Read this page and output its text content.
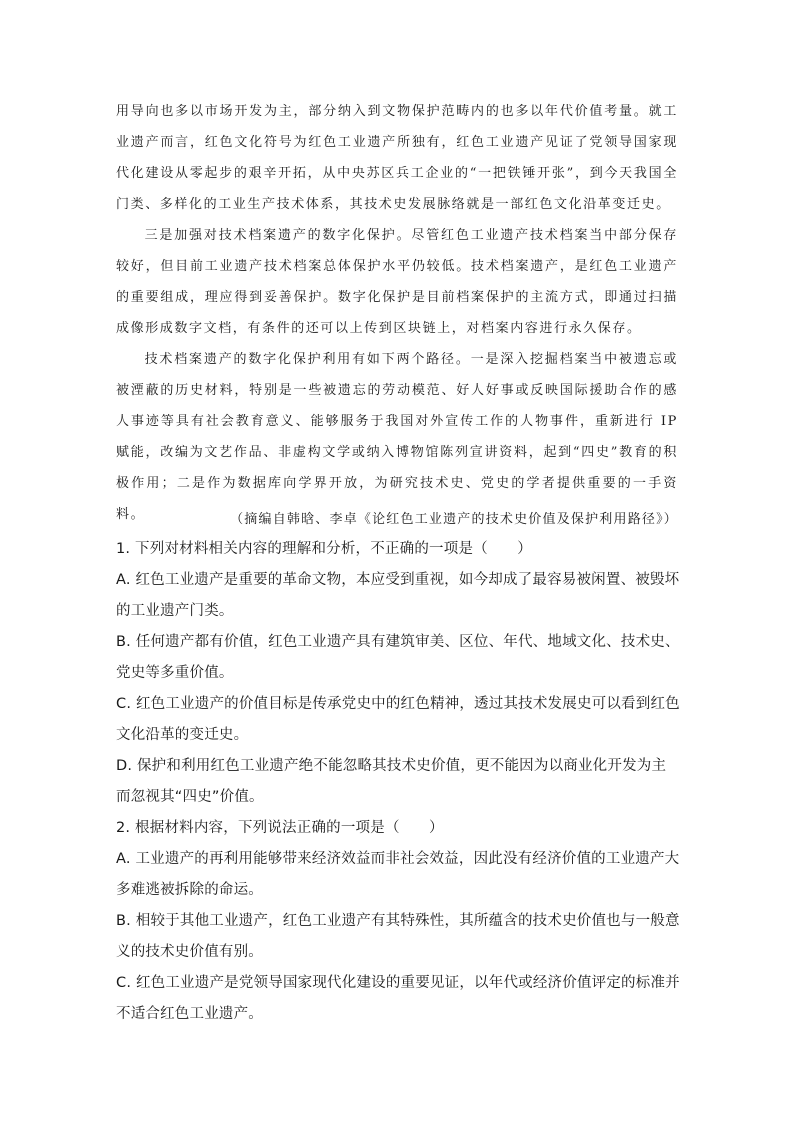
用导向也多以市场开发为主，部分纳入到文物保护范畴内的也多以年代价值考量。就工业遗产而言，红色文化符号为红色工业遗产所独有，红色工业遗产见证了党领导国家现代化建设从零起步的艰辛开拓，从中央苏区兵工企业的“一把铁锤开张”，到今天我国全门类、多样化的工业生产技术体系，其技术史发展脉络就是一部红色文化沿革变迁史。

三是加强对技术档案遗产的数字化保护。尽管红色工业遗产技术档案当中部分保存较好，但目前工业遗产技术档案总体保护水平仍较低。技术档案遗产，是红色工业遗产的重要组成，理应得到妥善保护。数字化保护是目前档案保护的主流方式，即通过扫描成像形成数字文档，有条件的还可以上传到区块链上，对档案内容进行永久保存。

技术档案遗产的数字化保护利用有如下两个路径。一是深入挖掘档案当中被遗忘或被湮蔽的历史材料，特别是一些被遗忘的劳动模范、好人好事或反映国际援助合作的感人事迹等具有社会教育意义、能够服务于我国对外宣传工作的人物事件，重新进行 IP 赋能，改编为文艺作品、非虚构文学或纳入博物馆陈列宣讲资料，起到“四史”教育的积极作用；二是作为数据库向学界开放，为研究技术史、党史的学者提供重要的一手资料。	（摘编自韩晗、李卓《论红色工业遗产的技术史价值及保护利用路径》）

1. 下列对材料相关内容的理解和分析，不正确的一项是（　　）

A. 红色工业遗产是重要的革命文物，本应受到重视，如今却成了最容易被闲置、被毁坏的工业遗产门类。

B. 任何遗产都有价值，红色工业遗产具有建筑审美、区位、年代、地域文化、技术史、党史等多重价值。

C. 红色工业遗产的价值目标是传承党史中的红色精神，透过其技术发展史可以看到红色文化沿革的变迁史。

D. 保护和利用红色工业遗产绝不能忽略其技术史价值，更不能因为以商业化开发为主而忽视其“四史”价值。

2. 根据材料内容，下列说法正确的一项是（　　）

A. 工业遗产的再利用能够带来经济效益而非社会效益，因此没有经济价值的工业遗产大多难逃被拆除的命运。

B. 相较于其他工业遗产，红色工业遗产有其特殊性，其所蕴含的技术史价值也与一般意义的技术史价值有别。

C. 红色工业遗产是党领导国家现代化建设的重要见证，以年代或经济价值评定的标准并不适合红色工业遗产。
